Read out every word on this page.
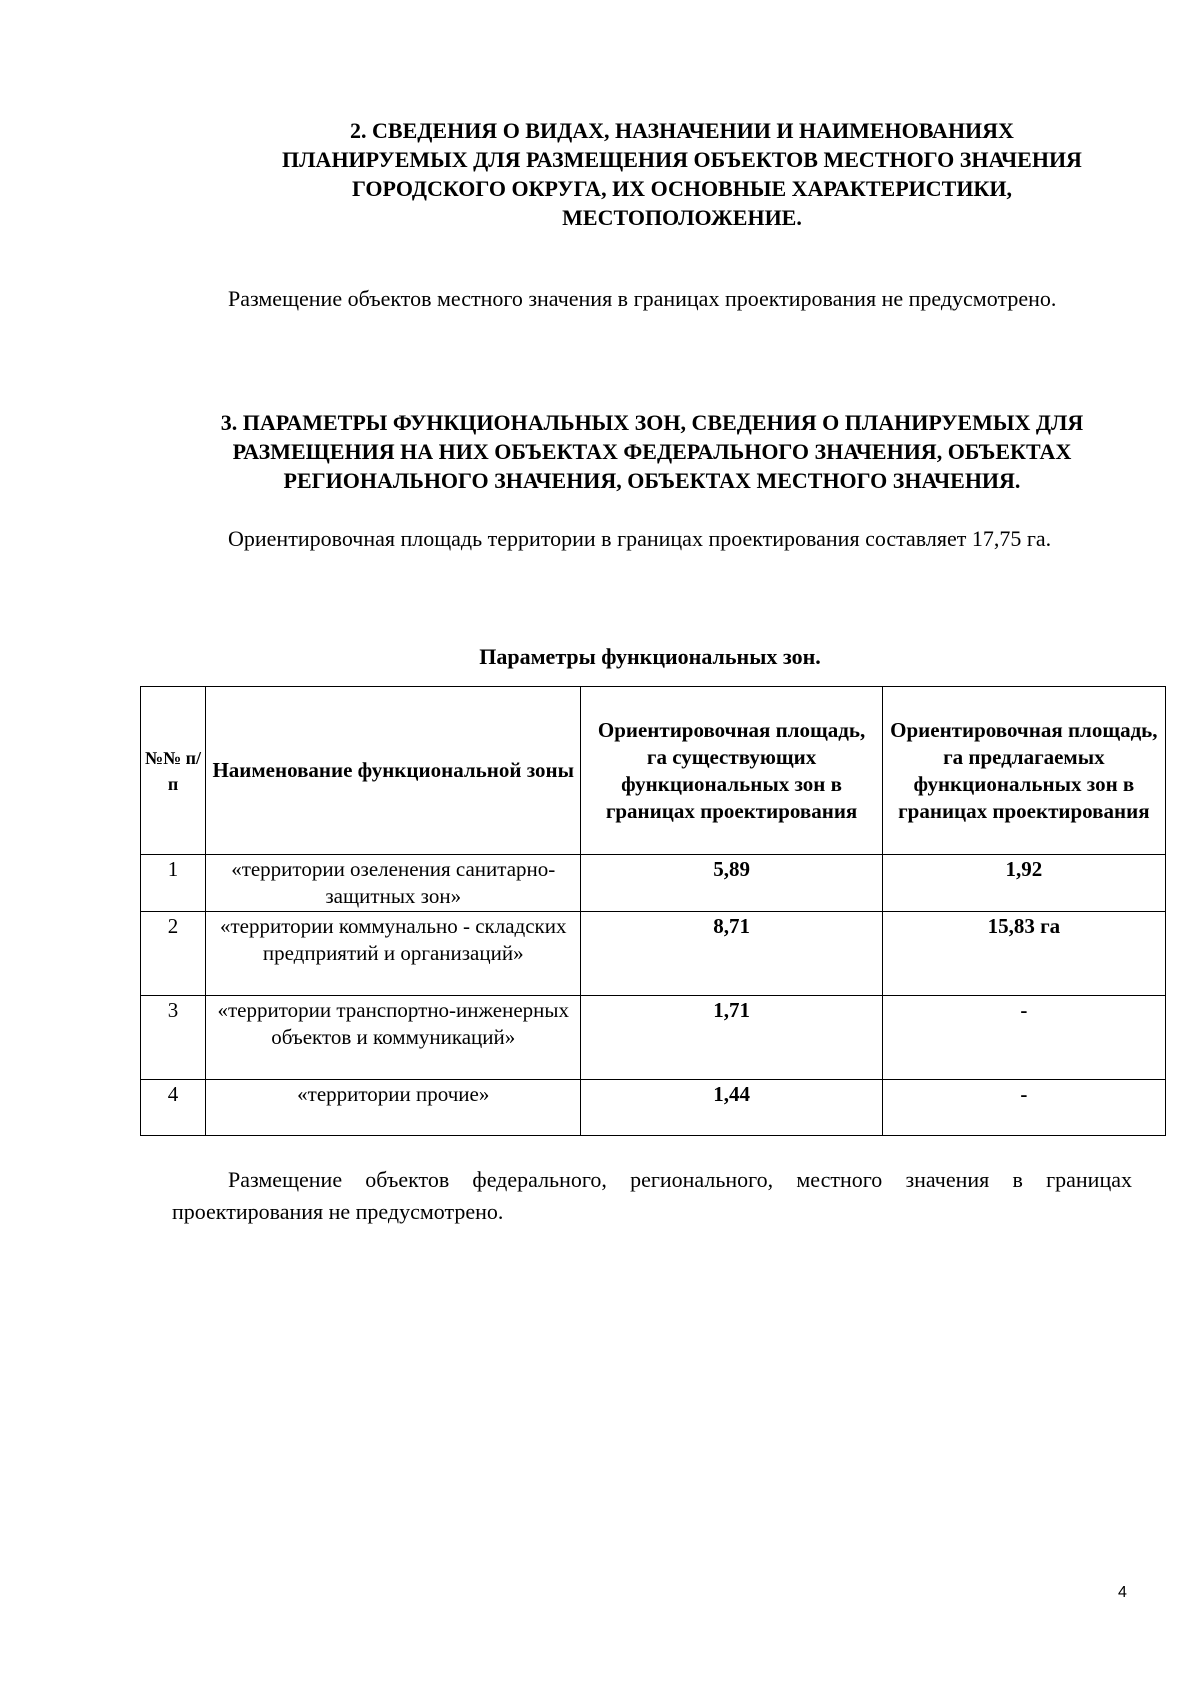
2. СВЕДЕНИЯ О ВИДАХ, НАЗНАЧЕНИИ И НАИМЕНОВАНИЯХ

ПЛАНИРУЕМЫХ ДЛЯ РАЗМЕЩЕНИЯ ОБЪЕКТОВ МЕСТНОГО ЗНАЧЕНИЯ

ГОРОДСКОГО ОКРУГА, ИХ ОСНОВНЫЕ ХАРАКТЕРИСТИКИ,

МЕСТОПОЛОЖЕНИЕ.

Размещение объектов местного значения в границах проектирования не предусмотрено.

3. ПАРАМЕТРЫ ФУНКЦИОНАЛЬНЫХ ЗОН, СВЕДЕНИЯ О ПЛАНИРУЕМЫХ ДЛЯ

РАЗМЕЩЕНИЯ НА НИХ ОБЪЕКТАХ ФЕДЕРАЛЬНОГО ЗНАЧЕНИЯ, ОБЪЕКТАХ

РЕГИОНАЛЬНОГО ЗНАЧЕНИЯ, ОБЪЕКТАХ МЕСТНОГО ЗНАЧЕНИЯ.

Ориентировочная площадь территории в границах проектирования составляет 17,75 га.

Параметры функциональных зон.

№№ п/п	Наименование функциональной зоны	Ориентировочная площадь, га существующих функциональных зон в границах проектирования	Ориентировочная площадь, га предлагаемых функциональных зон в границах проектирования
1	«территории озеленения санитарно-защитных зон»	5,89	1,92
2	«территории коммунально - складских предприятий и организаций»	8,71	15,83 га
3	«территории транспортно-инженерных объектов и коммуникаций»	1,71	-
4	«территории прочие»	1,44	-

Размещение объектов федерального, регионального, местного значения в границах проектирования не предусмотрено.

4
